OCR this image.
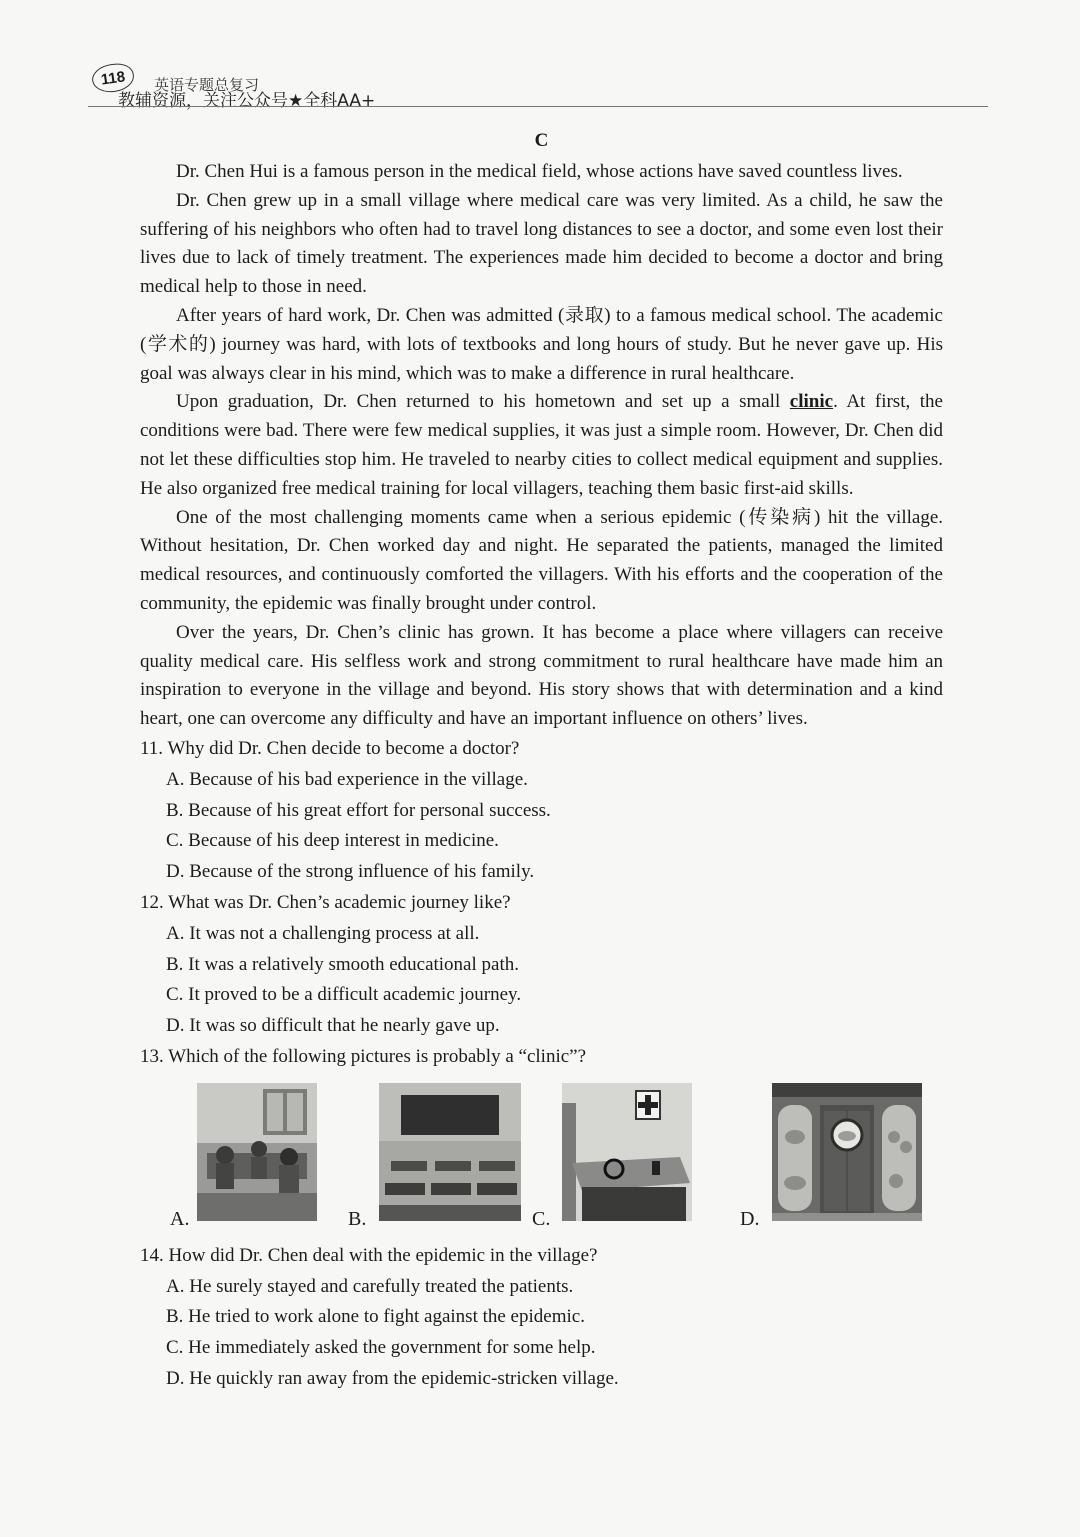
118	英语专题总复习
教辅资源，关注公众号★全科AA+
C

Dr. Chen Hui is a famous person in the medical field, whose actions have saved countless lives.

Dr. Chen grew up in a small village where medical care was very limited. As a child, he saw the suffering of his neighbors who often had to travel long distances to see a doctor, and some even lost their lives due to lack of timely treatment. The experiences made him decided to become a doctor and bring medical help to those in need.

After years of hard work, Dr. Chen was admitted (录取) to a famous medical school. The academic (学术的) journey was hard, with lots of textbooks and long hours of study. But he never gave up. His goal was always clear in his mind, which was to make a difference in rural healthcare.

Upon graduation, Dr. Chen returned to his hometown and set up a small clinic. At first, the conditions were bad. There were few medical supplies, it was just a simple room. However, Dr. Chen did not let these difficulties stop him. He traveled to nearby cities to collect medical equipment and supplies. He also organized free medical training for local villagers, teaching them basic first-aid skills.

One of the most challenging moments came when a serious epidemic (传染病) hit the village. Without hesitation, Dr. Chen worked day and night. He separated the patients, managed the limited medical resources, and continuously comforted the villagers. With his efforts and the cooperation of the community, the epidemic was finally brought under control.

Over the years, Dr. Chen’s clinic has grown. It has become a place where villagers can receive quality medical care. His selfless work and strong commitment to rural healthcare have made him an inspiration to everyone in the village and beyond. His story shows that with determination and a kind heart, one can overcome any difficulty and have an important influence on others’ lives.

11. Why did Dr. Chen decide to become a doctor?

A. Because of his bad experience in the village.

B. Because of his great effort for personal success.

C. Because of his deep interest in medicine.

D. Because of the strong influence of his family.

12. What was Dr. Chen’s academic journey like?

A. It was not a challenging process at all.

B. It was a relatively smooth educational path.

C. It proved to be a difficult academic journey.

D. It was so difficult that he nearly gave up.

13. Which of the following pictures is probably a “clinic”?

A.	B.	C.	D.

14. How did Dr. Chen deal with the epidemic in the village?

A. He surely stayed and carefully treated the patients.

B. He tried to work alone to fight against the epidemic.

C. He immediately asked the government for some help.

D. He quickly ran away from the epidemic-stricken village.
